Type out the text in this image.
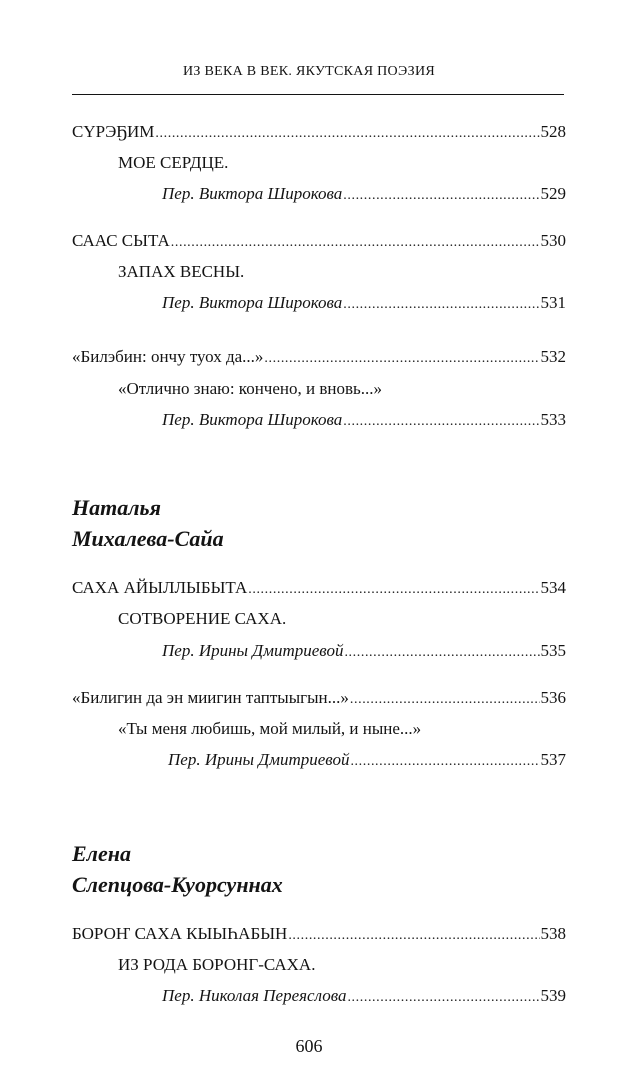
ИЗ ВЕКА В ВЕК. ЯКУТСКАЯ ПОЭЗИЯ
СҮРЭҔИМ .....	528
МОЕ СЕРДЦЕ.
Пер. Виктора Широкова .....	529
СААС СЫТА .....	530
ЗАПАХ ВЕСНЫ.
Пер. Виктора Широкова .....	531
«Билэбин: ончу туох да...» .....	532
«Отлично знаю: кончено, и вновь...»
Пер. Виктора Широкова .....	533
Наталья
Михалева-Сайа
САХА АЙЫЛЛЫБЫТА .....	534
СОТВОРЕНИЕ САХА.
Пер. Ирины Дмитриевой .....	535
«Билигин да эн миигин таптыыгын...» .....	536
«Ты меня любишь, мой милый, и ныне...»
Пер. Ирины Дмитриевой .....	537
Елена
Слепцова-Куорсуннах
БОРОҤ САХА КЫЫҺАБЫН .....	538
ИЗ РОДА БОРОНГ-САХА.
Пер. Николая Переяслова .....	539
606
